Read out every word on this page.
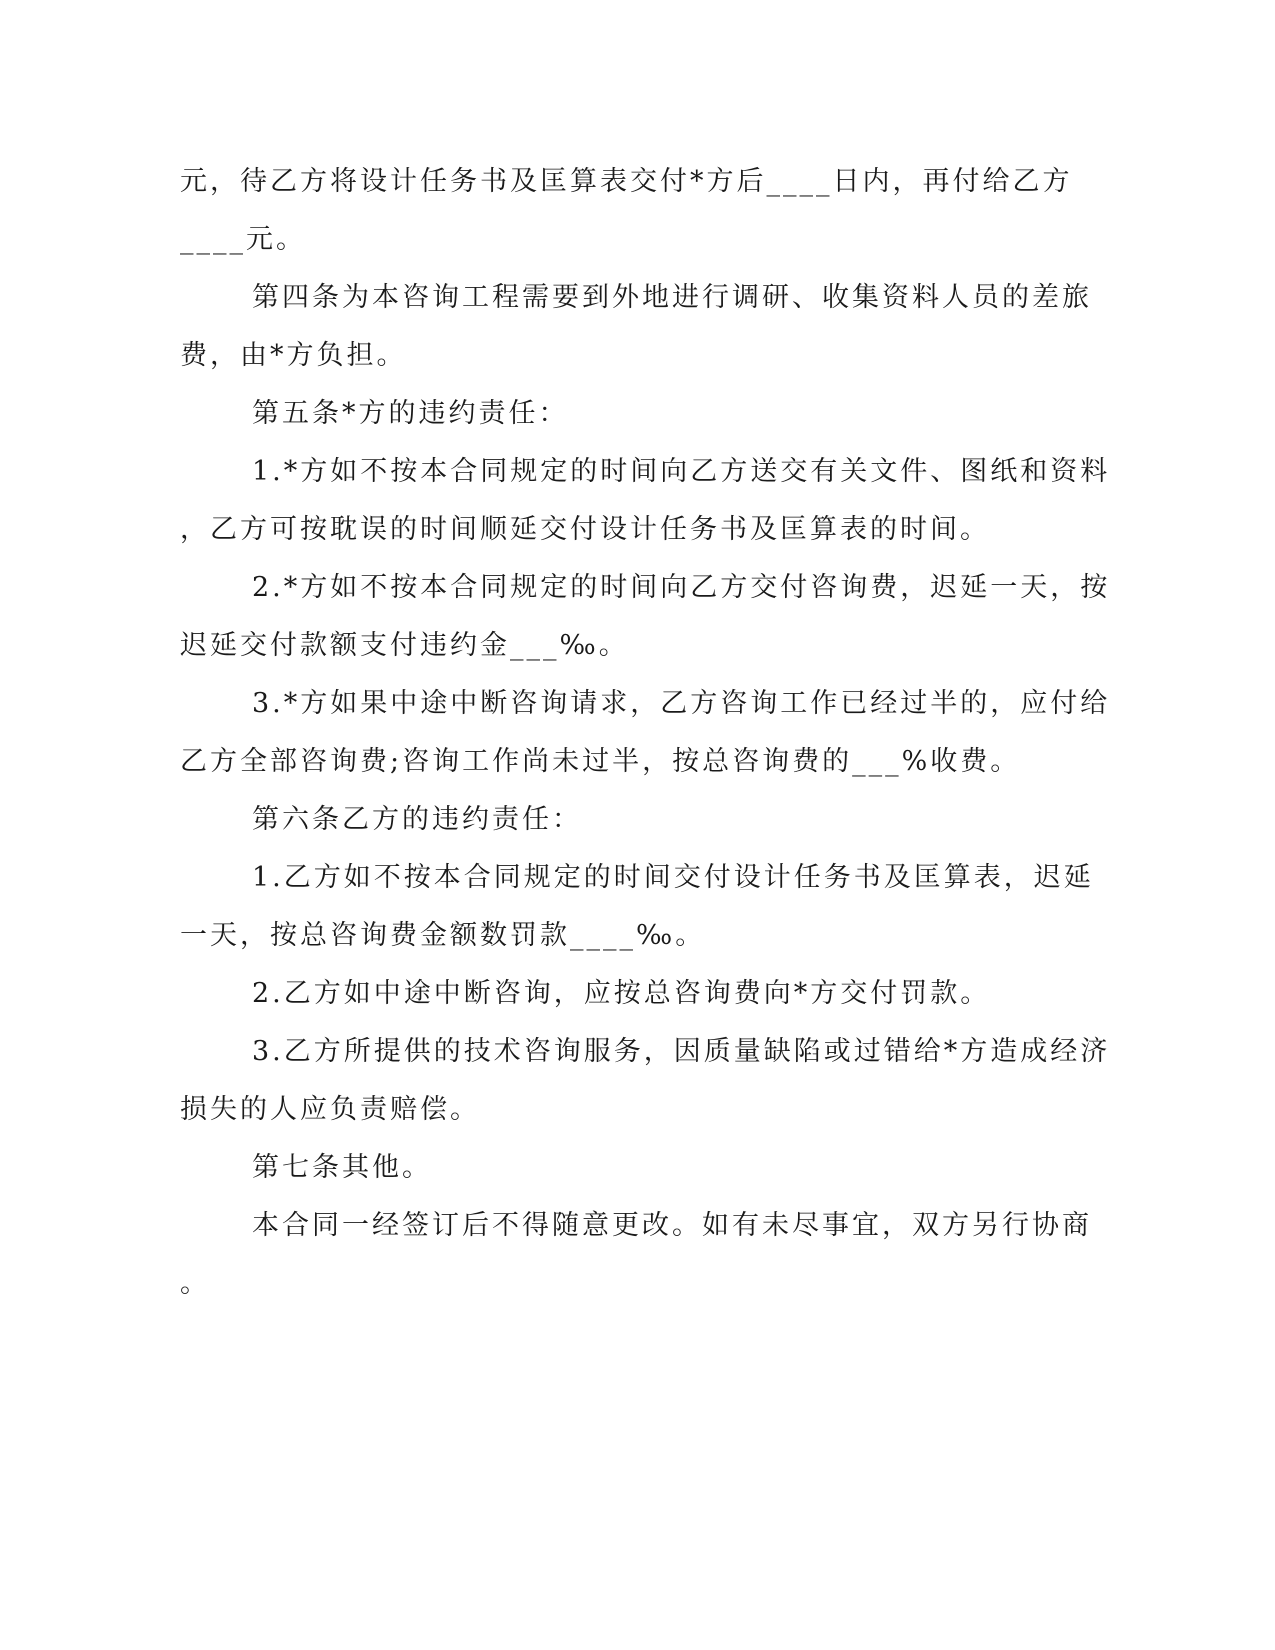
元，待乙方将设计任务书及匡算表交付*方后____日内，再付给乙方

____元。

第四条为本咨询工程需要到外地进行调研、收集资料人员的差旅

费，由*方负担。

第五条*方的违约责任：

1.*方如不按本合同规定的时间向乙方送交有关文件、图纸和资料

，乙方可按耽误的时间顺延交付设计任务书及匡算表的时间。

2.*方如不按本合同规定的时间向乙方交付咨询费，迟延一天，按

迟延交付款额支付违约金___‰。

3.*方如果中途中断咨询请求，乙方咨询工作已经过半的，应付给

乙方全部咨询费;咨询工作尚未过半，按总咨询费的___%收费。

第六条乙方的违约责任：

1.乙方如不按本合同规定的时间交付设计任务书及匡算表，迟延

一天，按总咨询费金额数罚款____‰。

2.乙方如中途中断咨询，应按总咨询费向*方交付罚款。

3.乙方所提供的技术咨询服务，因质量缺陷或过错给*方造成经济

损失的人应负责赔偿。

第七条其他。

本合同一经签订后不得随意更改。如有未尽事宜，双方另行协商

。
